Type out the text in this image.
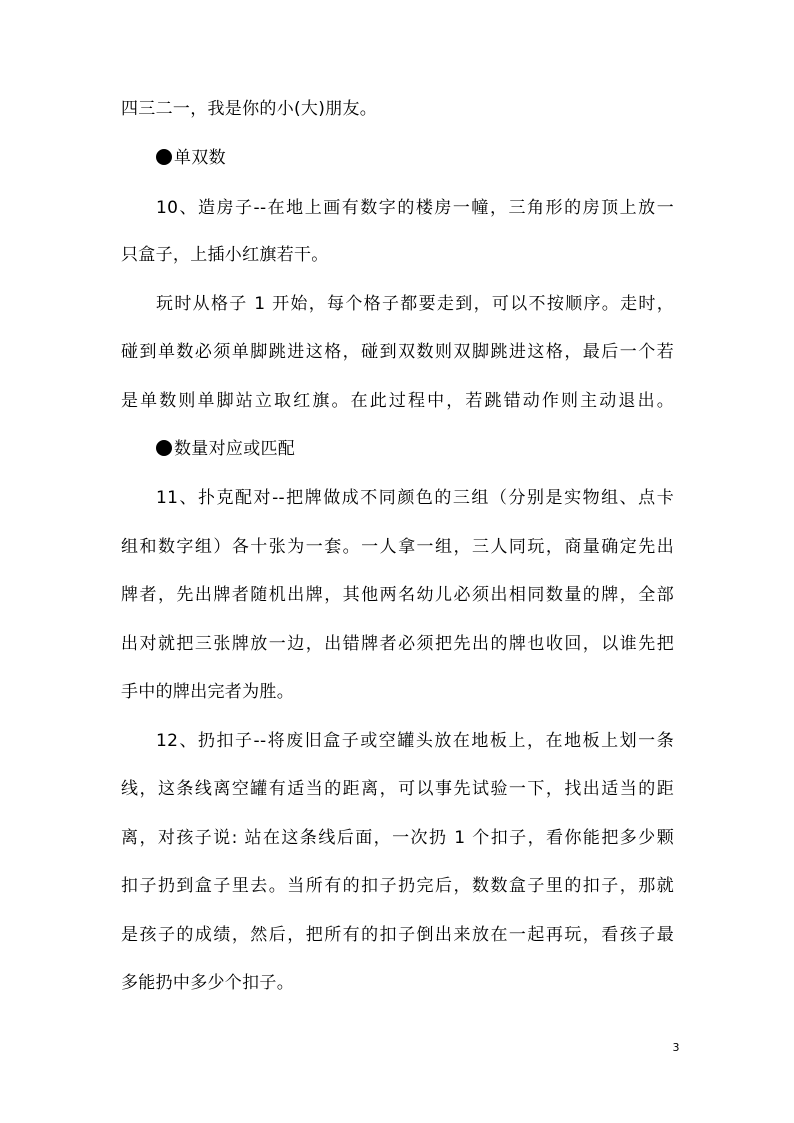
四三二一，我是你的小(大)朋友。
单双数
10、造房子--在地上画有数字的楼房一幢，三角形的房顶上放一
只盒子，上插小红旗若干。
玩时从格子 1 开始，每个格子都要走到，可以不按顺序。走时，
碰到单数必须单脚跳进这格，碰到双数则双脚跳进这格，最后一个若
是单数则单脚站立取红旗。在此过程中，若跳错动作则主动退出。
数量对应或匹配
11、扑克配对--把牌做成不同颜色的三组（分别是实物组、点卡
组和数字组）各十张为一套。一人拿一组，三人同玩，商量确定先出
牌者，先出牌者随机出牌，其他两名幼儿必须出相同数量的牌，全部
出对就把三张牌放一边，出错牌者必须把先出的牌也收回，以谁先把
手中的牌出完者为胜。
12、扔扣子--将废旧盒子或空罐头放在地板上，在地板上划一条
线，这条线离空罐有适当的距离，可以事先试验一下，找出适当的距
离，对孩子说: 站在这条线后面，一次扔 1 个扣子，看你能把多少颗
扣子扔到盒子里去。当所有的扣子扔完后，数数盒子里的扣子，那就
是孩子的成绩，然后，把所有的扣子倒出来放在一起再玩，看孩子最
多能扔中多少个扣子。
3
